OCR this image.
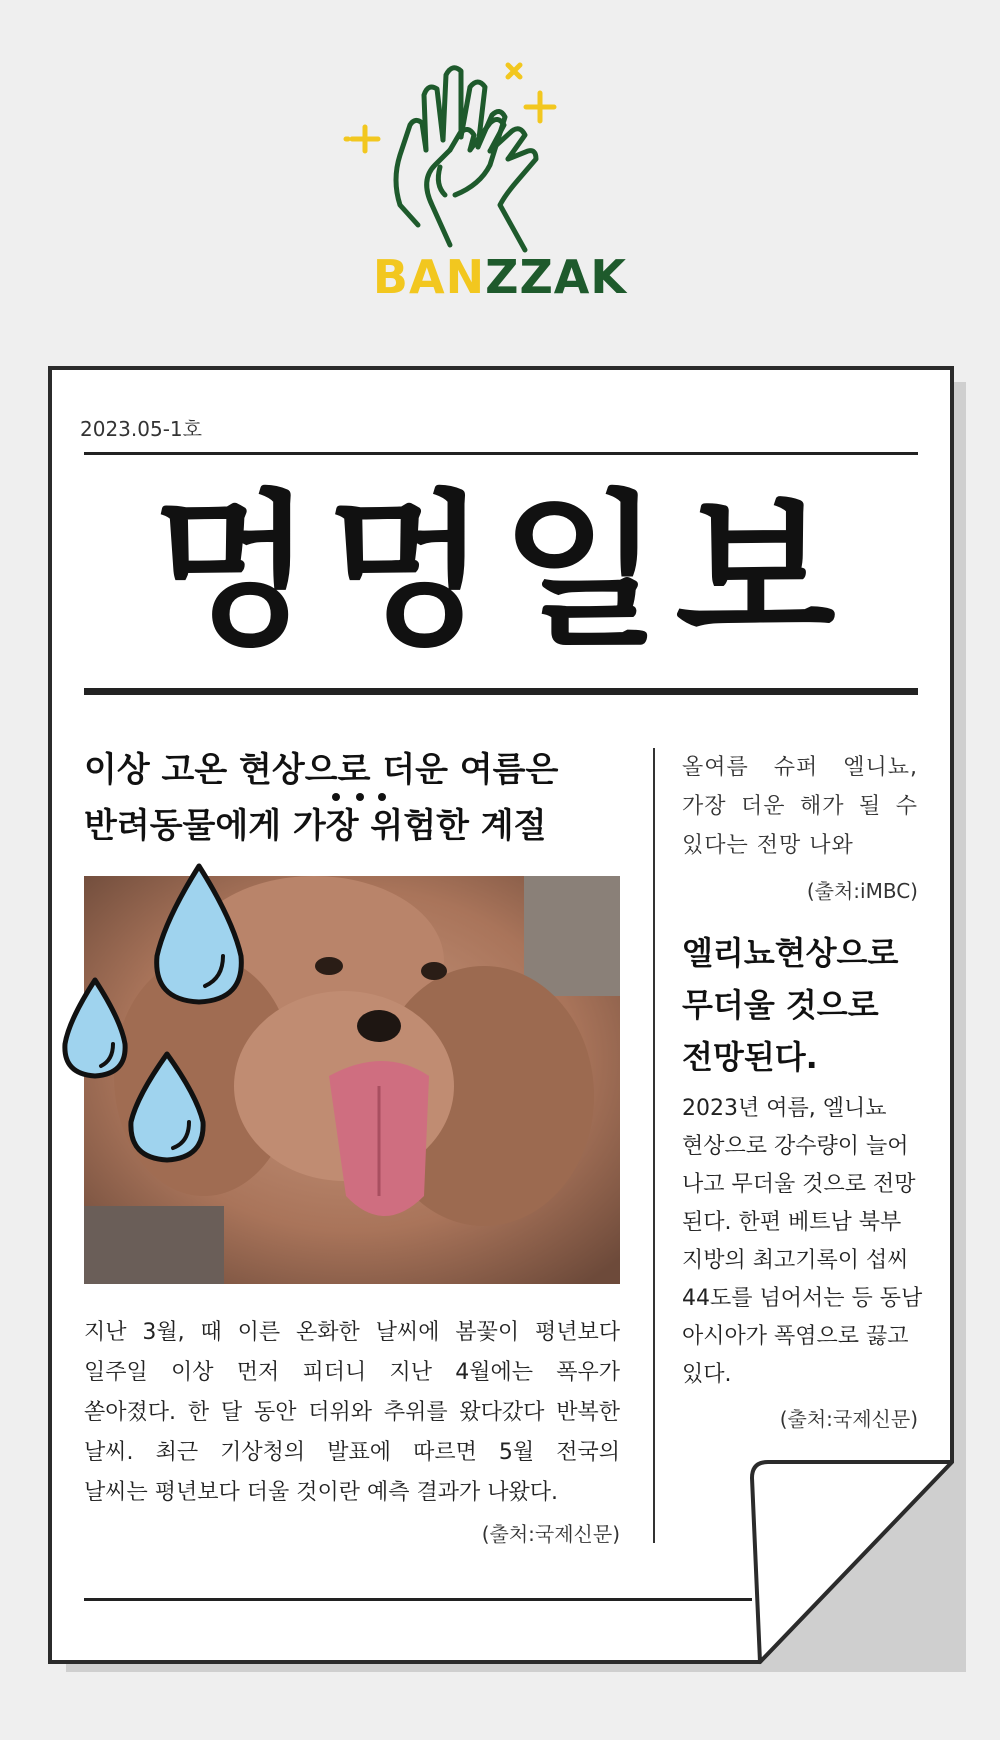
BANZZAK
2023.05-1호
멍멍일보
이상 고온 현상으로 더운 여름은
반려동물에게 가장 위험한 계절
지난 3월, 때 이른 온화한 날씨에 봄꽃이 평년보다
일주일 이상 먼저 피더니 지난 4월에는 폭우가
쏟아졌다. 한 달 동안 더위와 추위를 왔다갔다 반복한
날씨. 최근 기상청의 발표에 따르면 5월 전국의
날씨는 평년보다 더울 것이란 예측 결과가 나왔다.
(출처:국제신문)
올여름 슈퍼 엘니뇨,
가장 더운 해가 될 수
있다는 전망 나와
(출처:iMBC)
엘리뇨현상으로
무더울 것으로
전망된다.
2023년 여름, 엘니뇨
현상으로 강수량이 늘어
나고 무더울 것으로 전망
된다. 한편 베트남 북부
지방의 최고기록이 섭씨
44도를 넘어서는 등 동남
아시아가 폭염으로 끓고
있다.
(출처:국제신문)
